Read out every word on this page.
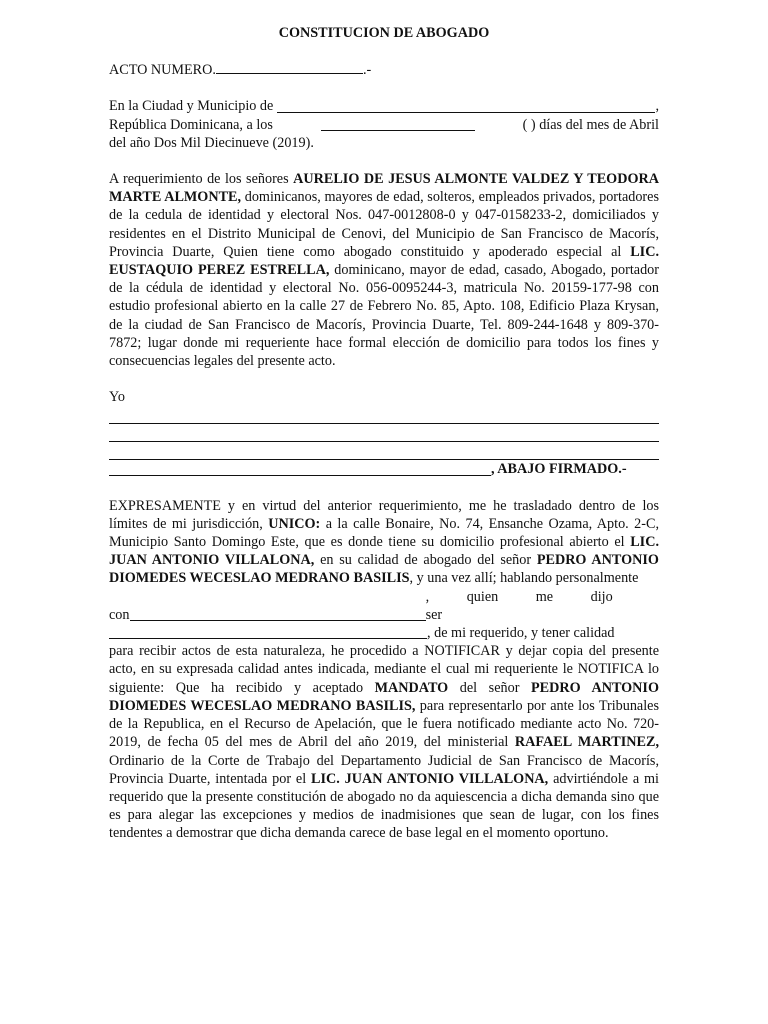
CONSTITUCION DE ABOGADO

ACTO NUMERO.	.-

En la Ciudad y Municipio de
	,
República Dominicana, a los	( ) días del mes de Abril

del año Dos Mil Diecinueve (2019).

A requerimiento de los señores AURELIO DE JESUS ALMONTE VALDEZ Y TEODORA MARTE ALMONTE, dominicanos, mayores de edad, solteros, empleados privados, portadores de la cedula de identidad y electoral Nos. 047-0012808-0 y 047-0158233-2, domiciliados y residentes en el Distrito Municipal de Cenovi, del Municipio de San Francisco de Macorís, Provincia Duarte, Quien tiene como abogado constituido y apoderado especial al LIC. EUSTAQUIO PEREZ ESTRELLA, dominicano, mayor de edad, casado, Abogado, portador de la cédula de identidad y electoral No. 056-0095244-3, matricula No. 20159-177-98 con estudio profesional abierto en la calle 27 de Febrero No. 85, Apto. 108, Edificio Plaza Krysan, de la ciudad de San Francisco de Macorís, Provincia Duarte, Tel. 809-244-1648 y 809-370-7872; lugar donde mi requeriente hace formal elección de domicilio para todos los fines y consecuencias legales del presente acto.

Yo

, ABAJO FIRMADO.-

EXPRESAMENTE y en virtud del anterior requerimiento, me he trasladado dentro de los límites de mi jurisdicción, UNICO: a la calle Bonaire, No. 74, Ensanche Ozama, Apto. 2-C, Municipio Santo Domingo Este, que es donde tiene su domicilio profesional abierto el LIC. JUAN ANTONIO VILLALONA, en su calidad de abogado del señor PEDRO ANTONIO DIOMEDES WECESLAO MEDRANO BASILIS, y una vez allí; hablando personalmente

con
, quien me dijo ser
, de mi requerido, y tener calidad

para recibir actos de esta naturaleza, he procedido a NOTIFICAR y dejar copia del presente acto, en su expresada calidad antes indicada, mediante el cual mi requeriente le NOTIFICA lo siguiente: Que ha recibido y aceptado MANDATO del señor PEDRO ANTONIO DIOMEDES WECESLAO MEDRANO BASILIS, para representarlo por ante los Tribunales de la Republica, en el Recurso de Apelación, que le fuera notificado mediante acto No. 720-2019, de fecha 05 del mes de Abril del año 2019, del ministerial RAFAEL MARTINEZ, Ordinario de la Corte de Trabajo del Departamento Judicial de San Francisco de Macorís, Provincia Duarte, intentada por el LIC. JUAN ANTONIO VILLALONA, advirtiéndole a mi requerido que la presente constitución de abogado no da aquiescencia a dicha demanda sino que es para alegar las excepciones y medios de inadmisiones que sean de lugar, con los fines tendentes a demostrar que dicha demanda carece de base legal en el momento oportuno.
